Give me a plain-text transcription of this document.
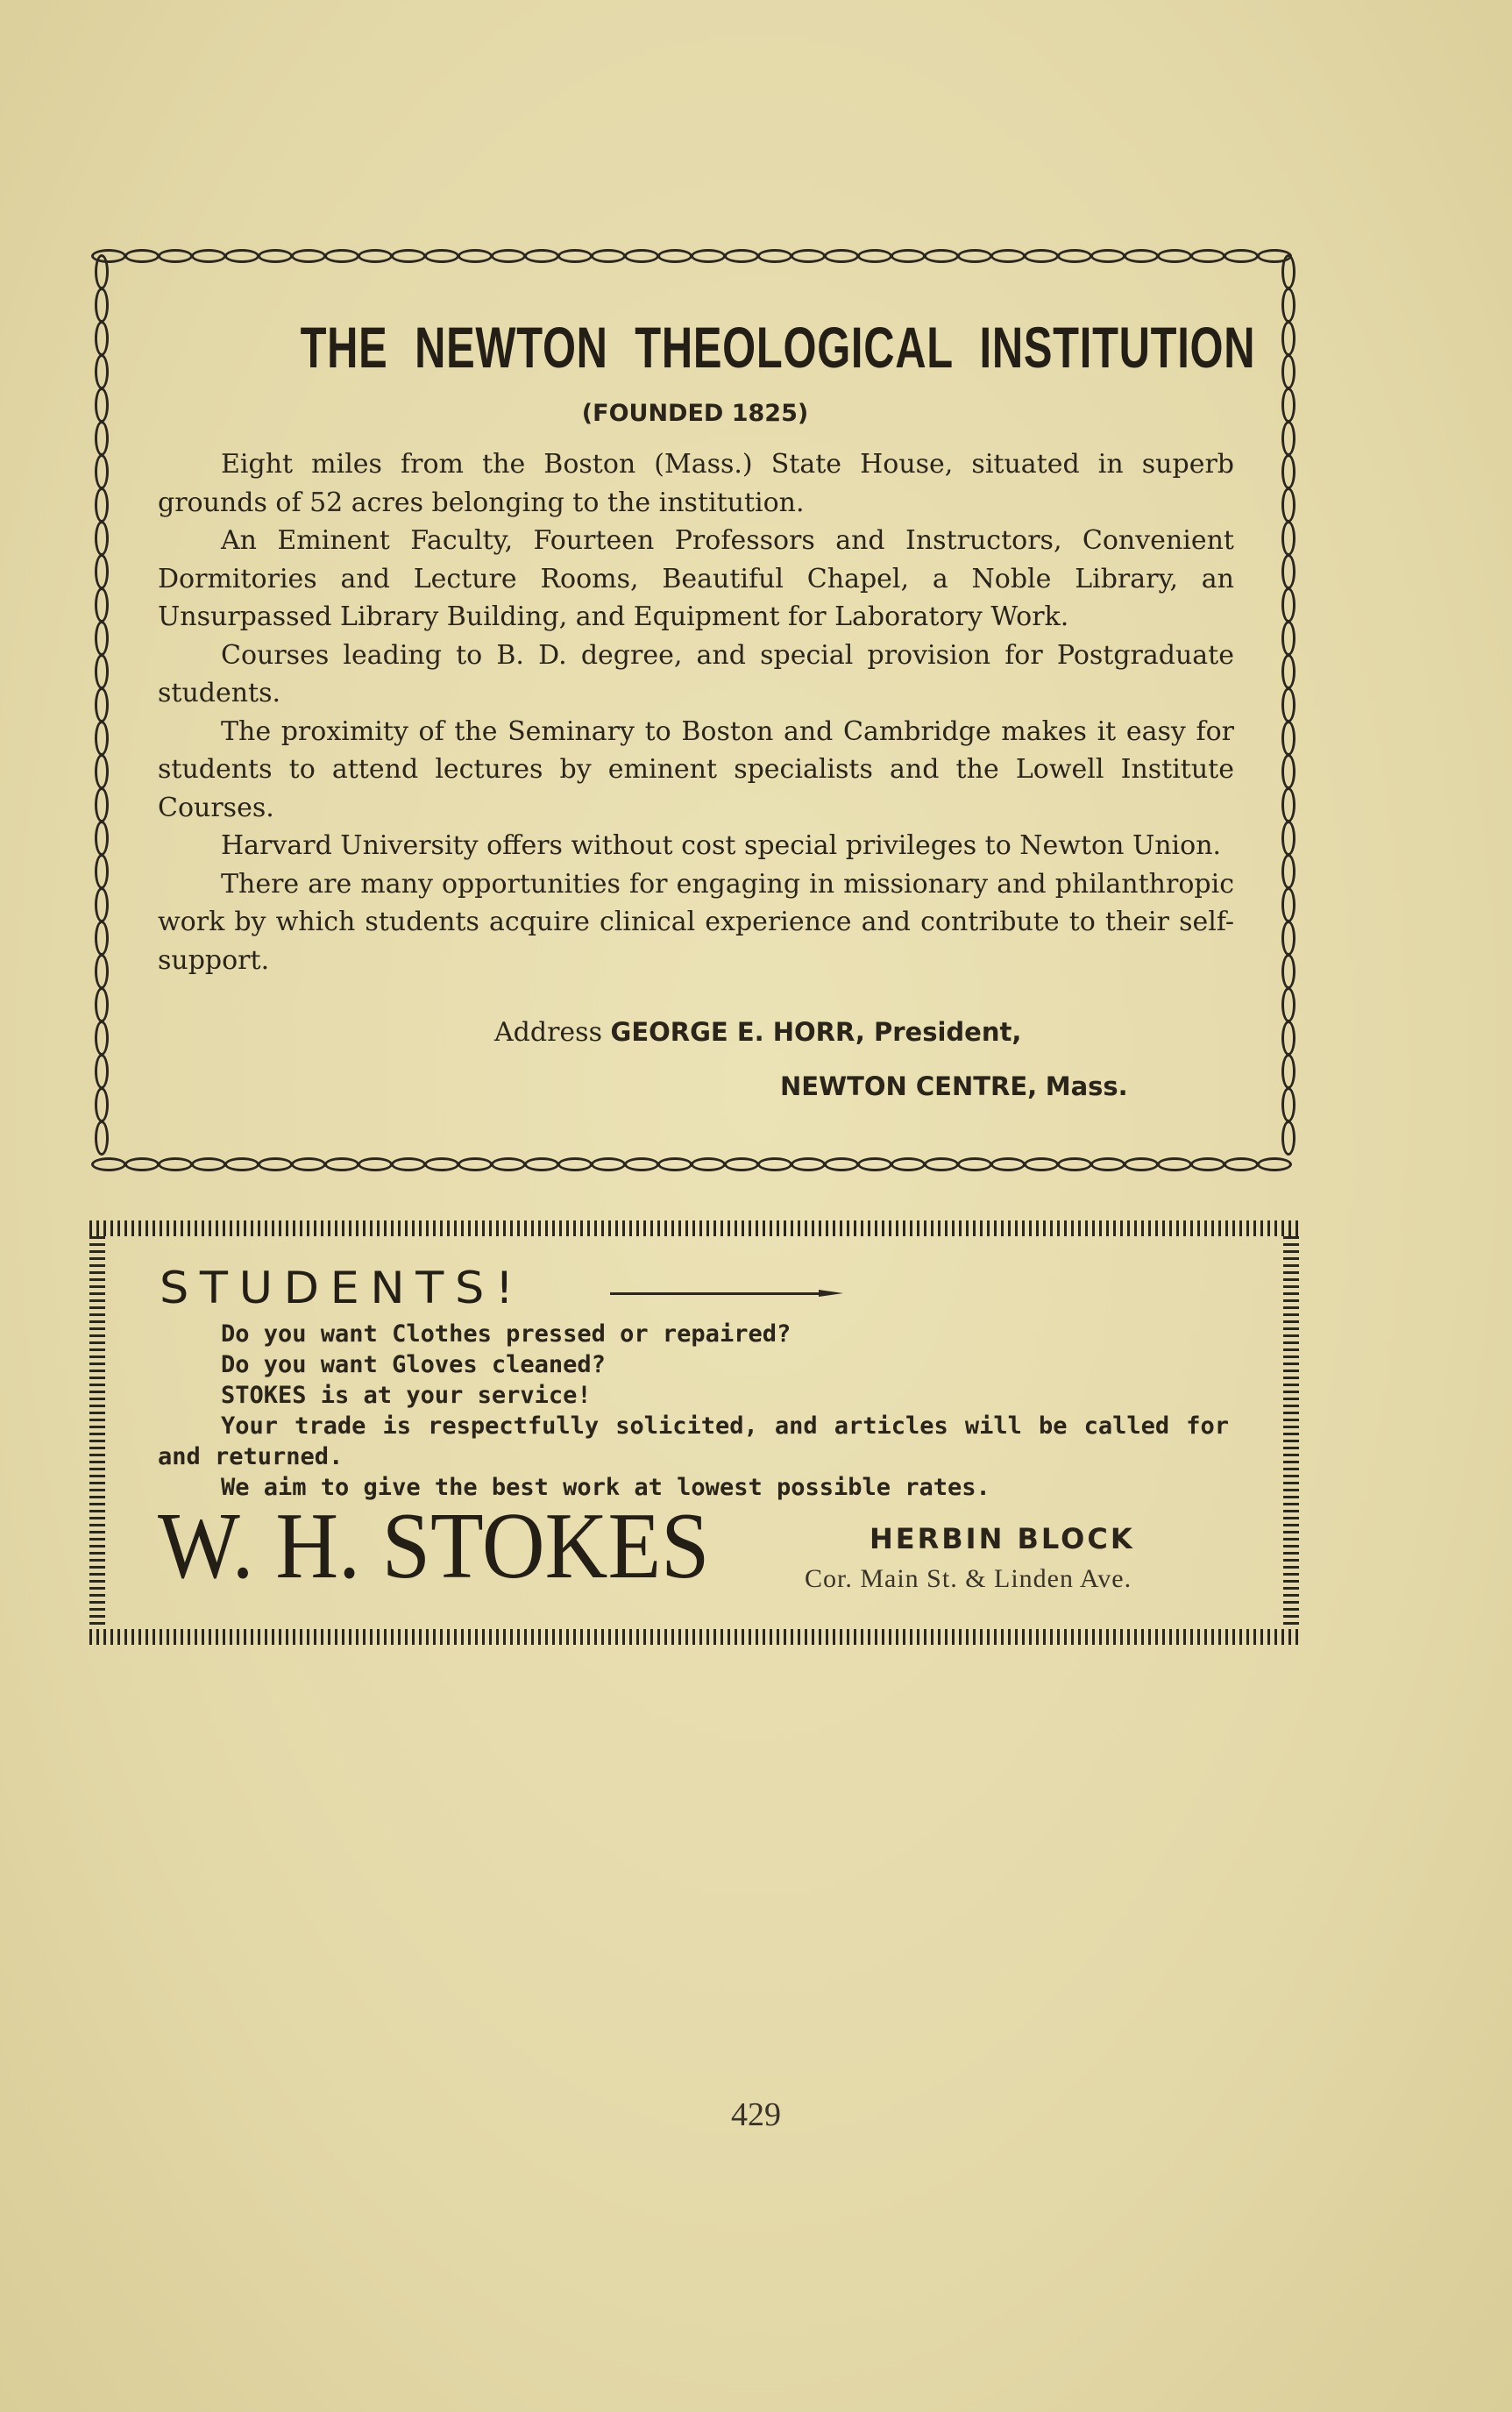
THE NEWTON THEOLOGICAL INSTITUTION
(FOUNDED 1825)

Eight miles from the Boston (Mass.) State House, situated in superb grounds of 52 acres belonging to the institution.

An Eminent Faculty, Fourteen Professors and Instructors, Convenient Dormitories and Lecture Rooms, Beautiful Chapel, a Noble Library, an Unsurpassed Library Building, and Equipment for Laboratory Work.

Courses leading to B. D. degree, and special provision for Postgraduate students.

The proximity of the Seminary to Boston and Cambridge makes it easy for students to attend lectures by eminent specialists and the Lowell Institute Courses.

Harvard University offers without cost special privileges to Newton Union.

There are many opportunities for engaging in missionary and philanthropic work by which students acquire clinical experience and contribute to their self-support.

Address GEORGE E. HORR, President,
NEWTON CENTRE, Mass.
STUDENTS!

Do you want Clothes pressed or repaired?

Do you want Gloves cleaned?

STOKES is at your service!

Your trade is respectfully solicited, and articles will be called for and returned.

We aim to give the best work at lowest possible rates.

W. H. STOKES	HERBIN BLOCK
Cor. Main St. & Linden Ave.
429
